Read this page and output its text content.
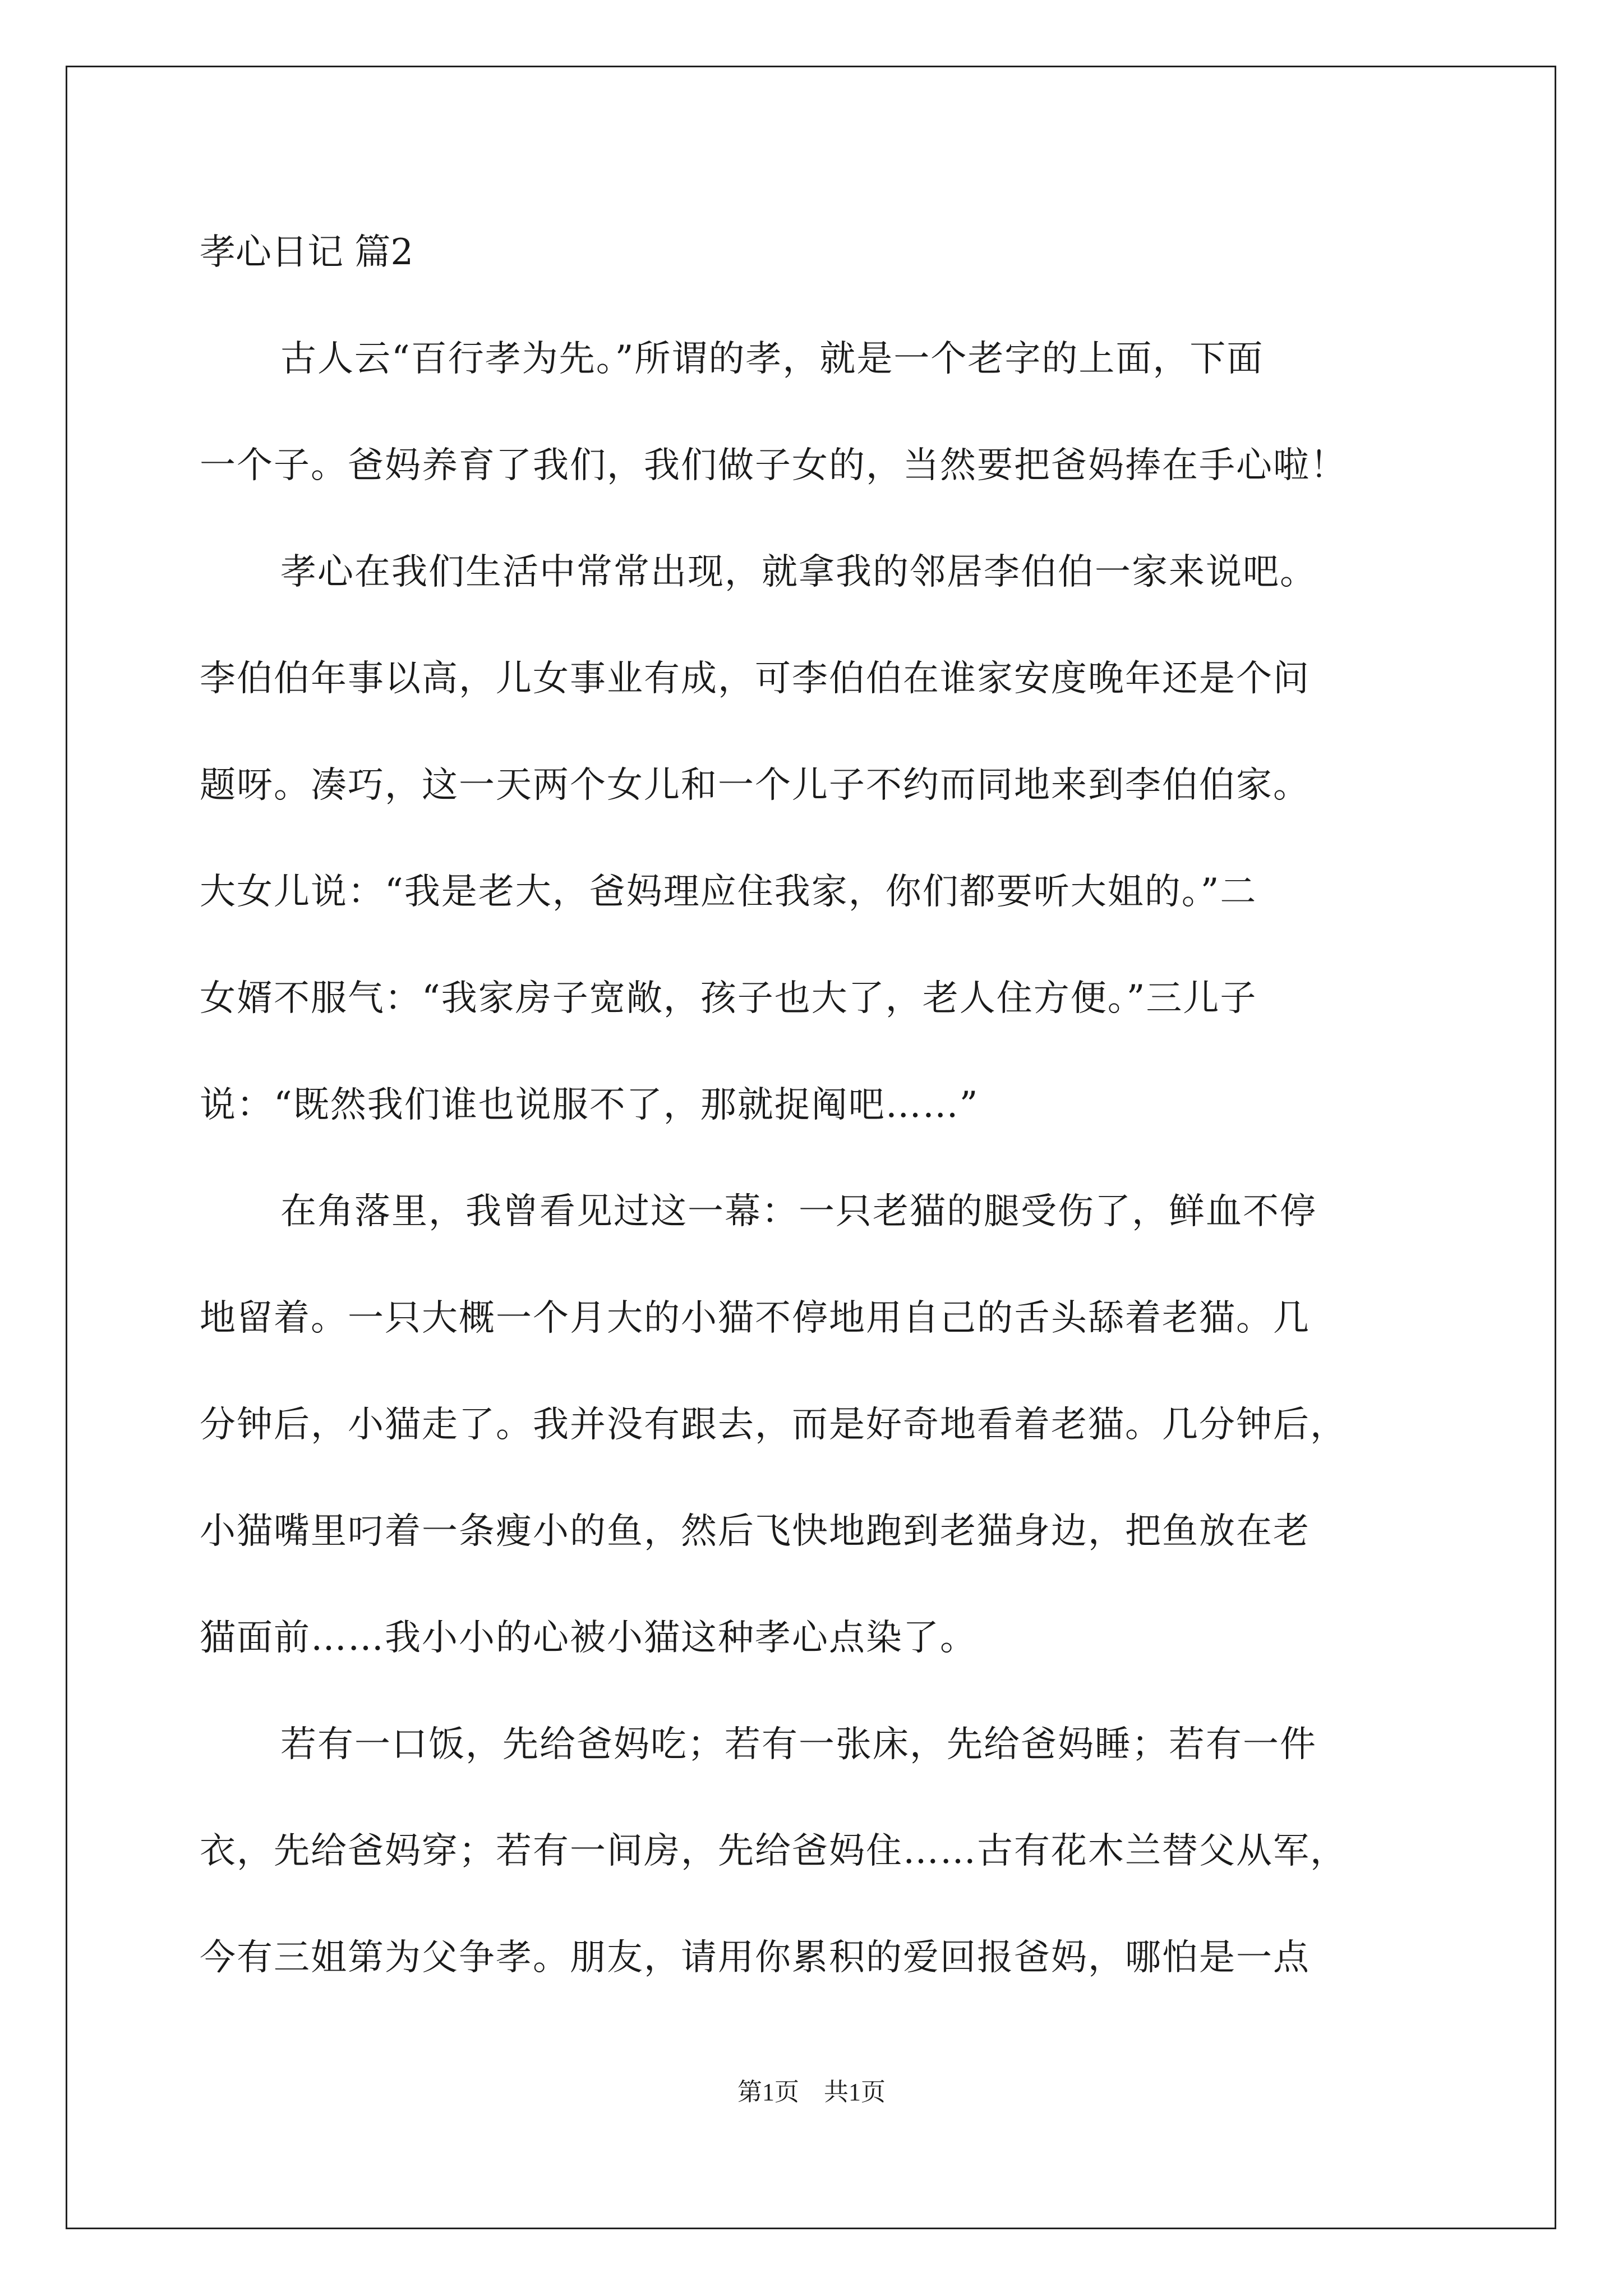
孝心日记 篇2
古人云“百行孝为先。”所谓的孝，就是一个老字的上面，下面
一个子。爸妈养育了我们，我们做子女的，当然要把爸妈捧在手心啦！
孝心在我们生活中常常出现，就拿我的邻居李伯伯一家来说吧。
李伯伯年事以高，儿女事业有成，可李伯伯在谁家安度晚年还是个问
题呀。凑巧，这一天两个女儿和一个儿子不约而同地来到李伯伯家。
大女儿说：“我是老大，爸妈理应住我家，你们都要听大姐的。”二
女婿不服气：“我家房子宽敞，孩子也大了，老人住方便。”三儿子
说：“既然我们谁也说服不了，那就捉阄吧……”
在角落里，我曾看见过这一幕：一只老猫的腿受伤了，鲜血不停
地留着。一只大概一个月大的小猫不停地用自己的舌头舔着老猫。几
分钟后，小猫走了。我并没有跟去，而是好奇地看着老猫。几分钟后，
小猫嘴里叼着一条瘦小的鱼，然后飞快地跑到老猫身边，把鱼放在老
猫面前……我小小的心被小猫这种孝心点染了。
若有一口饭，先给爸妈吃；若有一张床，先给爸妈睡；若有一件
衣，先给爸妈穿；若有一间房，先给爸妈住……古有花木兰替父从军，
今有三姐第为父争孝。朋友，请用你累积的爱回报爸妈，哪怕是一点
第1页　共1页
